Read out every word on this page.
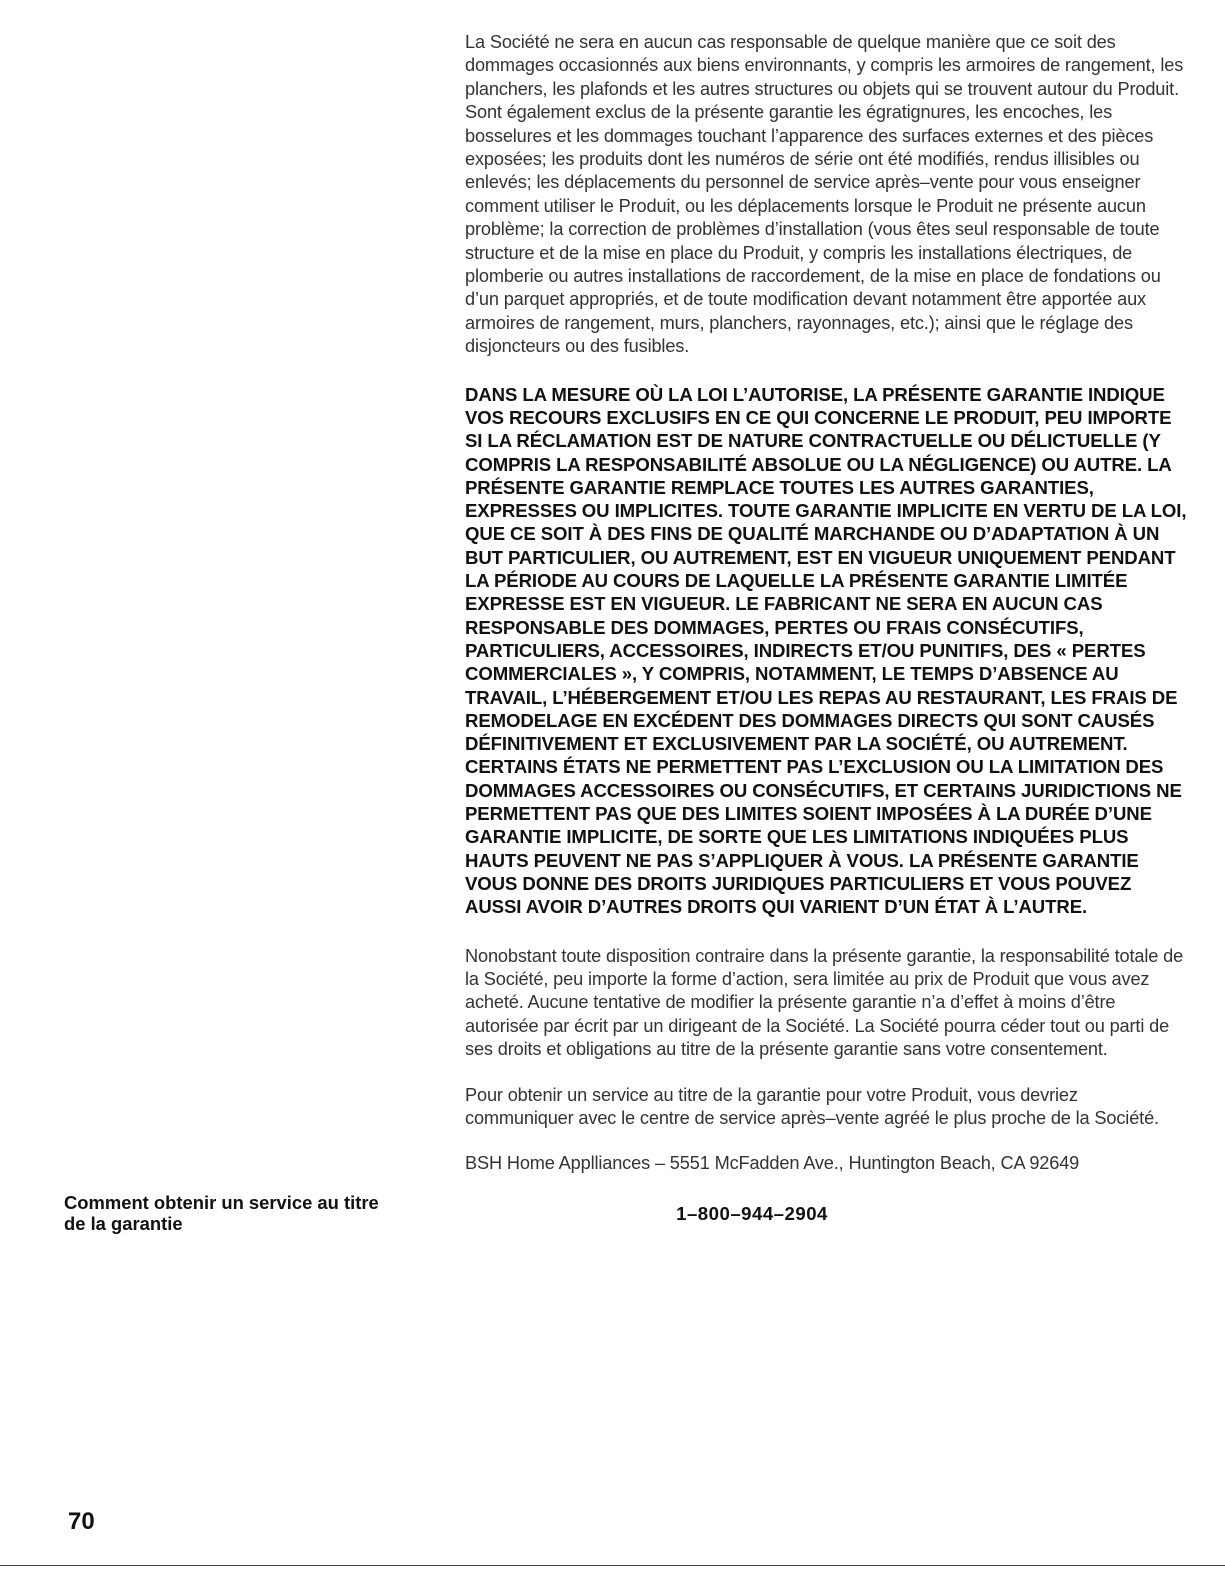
La Société ne sera en aucun cas responsable de quelque manière que ce soit des dommages occasionnés aux biens environnants, y compris les armoires de rangement, les planchers, les plafonds et les autres structures ou objets qui se trouvent autour du Produit. Sont également exclus de la présente garantie les égratignures, les encoches, les bosselures et les dommages touchant l’apparence des surfaces externes et des pièces exposées; les produits dont les numéros de série ont été modifiés, rendus illisibles ou enlevés; les déplacements du personnel de service après–vente pour vous enseigner comment utiliser le Produit, ou les déplacements lorsque le Produit ne présente aucun problème; la correction de problèmes d’installation (vous êtes seul responsable de toute structure et de la mise en place du Produit, y compris les installations électriques, de plomberie ou autres installations de raccordement, de la mise en place de fondations ou d’un parquet appropriés, et de toute modification devant notamment être apportée aux armoires de rangement, murs, planchers, rayonnages, etc.); ainsi que le réglage des disjoncteurs ou des fusibles.

DANS LA MESURE OÙ LA LOI L’AUTORISE, LA PRÉSENTE GARANTIE INDIQUE VOS RECOURS EXCLUSIFS EN CE QUI CONCERNE LE PRODUIT, PEU IMPORTE SI LA RÉCLAMATION EST DE NATURE CONTRACTUELLE OU DÉLICTUELLE (Y COMPRIS LA RESPONSABILITÉ ABSOLUE OU LA NÉGLIGENCE) OU AUTRE. LA PRÉSENTE GARANTIE REMPLACE TOUTES LES AUTRES GARANTIES, EXPRESSES OU IMPLICITES. TOUTE GARANTIE IMPLICITE EN VERTU DE LA LOI, QUE CE SOIT À DES FINS DE QUALITÉ MARCHANDE OU D’ADAPTATION À UN BUT PARTICULIER, OU AUTREMENT, EST EN VIGUEUR UNIQUEMENT PENDANT LA PÉRIODE AU COURS DE LAQUELLE LA PRÉSENTE GARANTIE LIMITÉE EXPRESSE EST EN VIGUEUR. LE FABRICANT NE SERA EN AUCUN CAS RESPONSABLE DES DOMMAGES, PERTES OU FRAIS CONSÉCUTIFS, PARTICULIERS, ACCESSOIRES, INDIRECTS ET/OU PUNITIFS, DES « PERTES COMMERCIALES », Y COMPRIS, NOTAMMENT, LE TEMPS D’ABSENCE AU TRAVAIL, L’HÉBERGEMENT ET/OU LES REPAS AU RESTAURANT, LES FRAIS DE REMODELAGE EN EXCÉDENT DES DOMMAGES DIRECTS QUI SONT CAUSÉS DÉFINITIVEMENT ET EXCLUSIVEMENT PAR LA SOCIÉTÉ, OU AUTREMENT. CERTAINS ÉTATS NE PERMETTENT PAS L’EXCLUSION OU LA LIMITATION DES DOMMAGES ACCESSOIRES OU CONSÉCUTIFS, ET CERTAINS JURIDICTIONS NE PERMETTENT PAS QUE DES LIMITES SOIENT IMPOSÉES À LA DURÉE D’UNE GARANTIE IMPLICITE, DE SORTE QUE LES LIMITATIONS INDIQUÉES PLUS HAUTS PEUVENT NE PAS S’APPLIQUER À VOUS. LA PRÉSENTE GARANTIE VOUS DONNE DES DROITS JURIDIQUES PARTICULIERS ET VOUS POUVEZ AUSSI AVOIR D’AUTRES DROITS QUI VARIENT D’UN ÉTAT À L’AUTRE.

Nonobstant toute disposition contraire dans la présente garantie, la responsabilité totale de la Société, peu importe la forme d’action, sera limitée au prix de Produit que vous avez acheté. Aucune tentative de modifier la présente garantie n’a d’effet à moins d’être autorisée par écrit par un dirigeant de la Société. La Société pourra céder tout ou parti de ses droits et obligations au titre de la présente garantie sans votre consentement.

Pour obtenir un service au titre de la garantie pour votre Produit, vous devriez communiquer avec le centre de service après–vente agréé le plus proche de la Société.

BSH Home Applliances – 5551 McFadden Ave., Huntington Beach, CA 92649

1–800–944–2904

Comment obtenir un service au titre de la garantie
70
